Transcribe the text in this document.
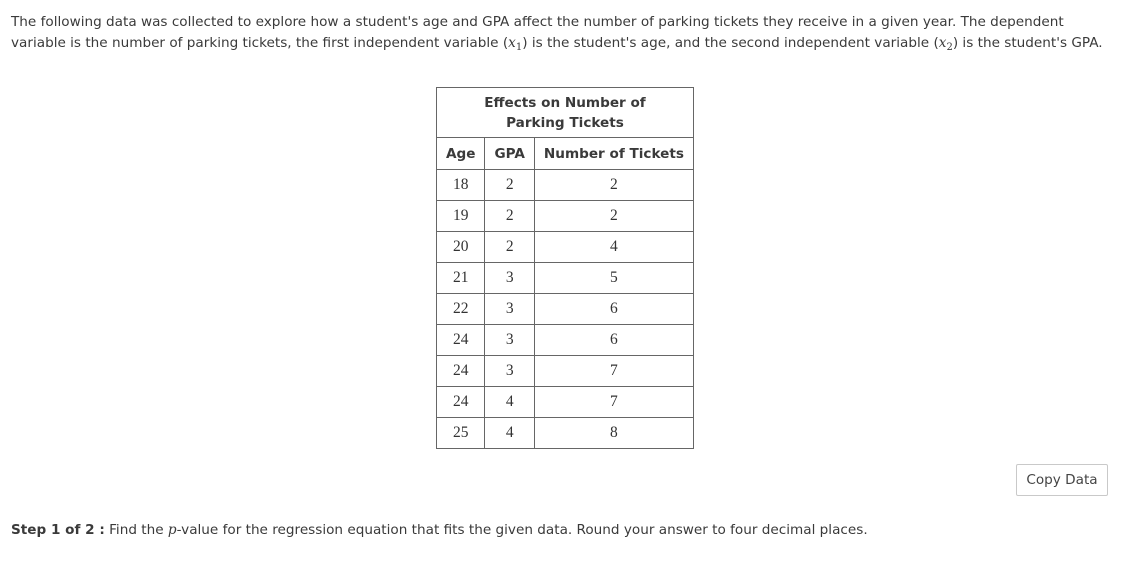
The following data was collected to explore how a student's age and GPA affect the number of parking tickets they receive in a given year. The dependent variable is the number of parking tickets, the first independent variable $(x_1)$ is the student's age, and the second independent variable $(x_2)$ is the student's GPA.
Effects on Number of Parking Tickets		

Age	GPA	Number of Tickets
18	2	2
19	2	2
20	2	4
21	3	5
22	3	6
24	3	6
24	3	7
24	4	7
25	4	8
Copy Data
Step 1 of 2 : Find the p-value for the regression equation that fits the given data. Round your answer to four decimal places.
